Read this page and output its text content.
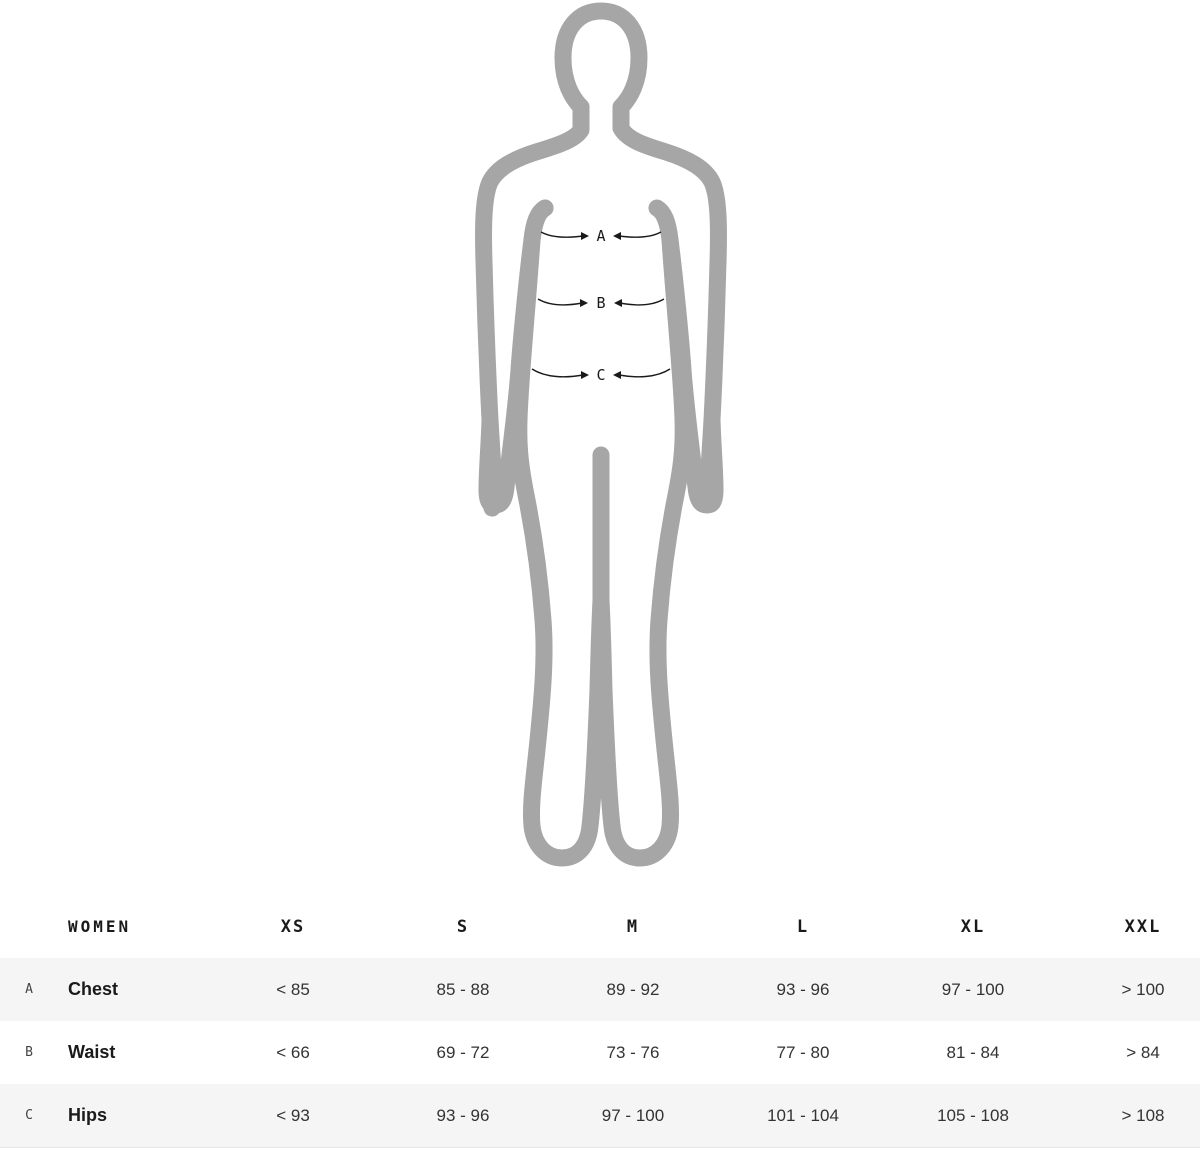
A
B
C
	WOMEN	XS	S	M	L	XL	XXL
A	Chest	< 85	85 - 88	89 - 92	93 - 96	97 - 100	> 100
B	Waist	< 66	69 - 72	73 - 76	77 - 80	81 - 84	> 84
C	Hips	< 93	93 - 96	97 - 100	101 - 104	105 - 108	> 108
